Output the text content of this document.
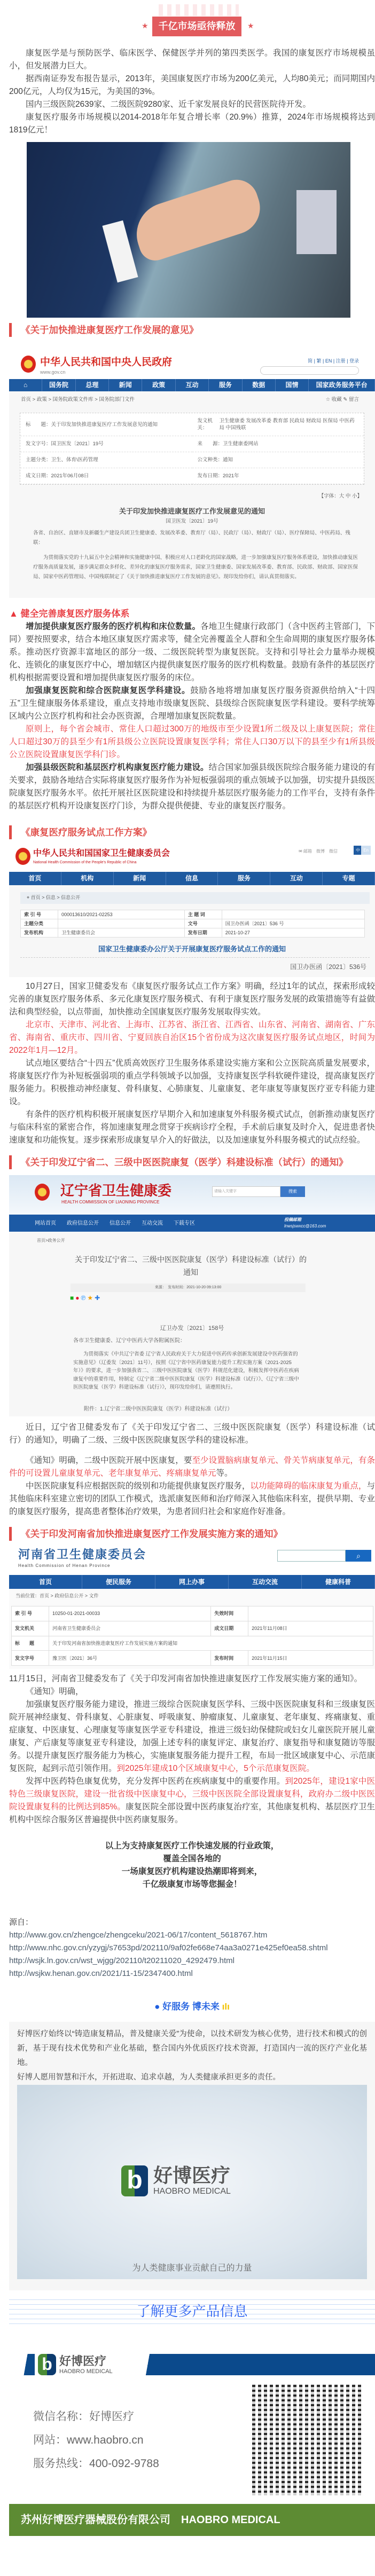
★	千亿市场亟待释放	★

康复医学是与预防医学、临床医学、保健医学并列的第四类医学。我国的康复医疗市场规模虽小，但发展潜力巨大。

据西南证券发布报告显示，2013年，美国康复医疗市场为200亿美元，人均80美元；而同期国内200亿元，人均仅为15元，为美国的3%。

国内三级医院2639家、二级医院9280家、近千家发展良好的民营医院待开发。

康复医疗服务市场规模以2014-2018年年复合增长率（20.9%）推算，2024年市场规模将达到1819亿元！

《关于加快推进康复医疗工作发展的意见》
中华人民共和国中央人民政府
www.gov.cn
简 | 繁 | EN | 注册 | 登录
⌂	国务院	总理	新闻	政策	互动	服务	数据	国情	国家政务服务平台
首页 > 政策 > 国务院政策文件库 > 国务院部门文件	☆ 收藏 ✎ 留言
标　　题： 关于印发加快推进康复医疗工作发展意见的通知
发文机关：
卫生健康委 发展改革委 教育部 民政局 财政局 医保局 中医药局 中国残联
发文字号： 国卫医发〔2021〕19号	来　　源： 卫生健康委网站
主题分类： 卫生、体育\医药管理	公文种类： 通知
成文日期： 2021年06月08日	发布日期： 2021年
【字体：大 中 小】
关于印发加快推进康复医疗工作发展意见的通知
国卫医发〔2021〕19号
各省、自治区、直辖市及新疆生产建设兵团卫生健康委、发展改革委、教育厅（局）、民政厅（局）、财政厅（局）、医疗保障局、中医药局、残联：
为贯彻落实党的十九届五中全会精神和实施健康中国、积极应对人口老龄化的国家战略，进一步加强康复医疗服务体系建设，加快推动康复医疗服务高质量发展，逐步满足群众多样化、差异化的康复医疗服务需求，国家卫生健康委、国家发展改革委、教育部、民政部、财政部、国家医保局、国家中医药管理局、中国残联制定了《关于加快推进康复医疗工作发展的意见》。现印发给你们，请认真贯彻落实。
▲ 健全完善康复医疗服务体系

增加提供康复医疗服务的医疗机构和床位数量。各地卫生健康行政部门（含中医药主管部门，下同）要按照要求，结合本地区康复医疗需求等，健全完善覆盖全人群和全生命周期的康复医疗服务体系。推动医疗资源丰富地区的部分一级、二级医院转型为康复医院。支持和引导社会力量举办规模化、连锁化的康复医疗中心，增加辖区内提供康复医疗服务的医疗机构数量。鼓励有条件的基层医疗机构根据需要设置和增加提供康复医疗服务的床位。

加强康复医院和综合医院康复医学科建设。鼓励各地将增加康复医疗服务资源供给纳入“十四五”卫生健康服务体系建设，重点支持地市级康复医院、县级综合医院康复医学科建设。要科学统筹区域内公立医疗机构和社会办医资源，合理增加康复医院数量。

原则上，每个省会城市、常住人口超过300万的地级市至少设置1所二级及以上康复医院；常住人口超过30万的县至少有1所县级公立医院设置康复医学科；常住人口30万以下的县至少有1所县级公立医院设置康复医学科门诊。

加强县级医院和基层医疗机构康复医疗能力建设。结合国家加强县级医院综合服务能力建设的有关要求，鼓励各地结合实际将康复医疗服务作为补短板强弱项的重点领域予以加强，切实提升县级医院康复医疗服务水平。依托开展社区医院建设和持续提升基层医疗服务能力的工作平台，支持有条件的基层医疗机构开设康复医疗门诊，为群众提供便捷、专业的康复医疗服务。

《康复医疗服务试点工作方案》
中华人民共和国国家卫生健康委员会
National Health Commission of the People's Republic of China
✉ 邮箱　微博　微信	中 En
首页	机构	新闻	信息	服务	互动	专题
⌖ 首页 > 信息 > 信息公开
索 引 号	000013610/2021-02253	主 题 词	
主题分类		文号	国卫办医函〔2021〕536 号
发布机构	卫生健康委员会	发布日期	2021-10-27
国家卫生健康委办公厅关于开展康复医疗服务试点工作的通知
国卫办医函〔2021〕536号

10月27日，国家卫健委发布《康复医疗服务试点工作方案》明确，经过1年的试点，探索形成较完善的康复医疗服务体系、多元化康复医疗服务模式、有利于康复医疗服务发展的政策措施等有益做法和典型经验，以点带面，加快推动全国康复医疗服务发展取得实效。

北京市、天津市、河北省、上海市、江苏省、浙江省、江西省、山东省、河南省、湖南省、广东省、海南省、重庆市、四川省、宁夏回族自治区15个省份成为这次康复医疗服务试点地区，时间为2022年1月—12月。

试点地区要结合“十四五”优质高效医疗卫生服务体系建设实施方案和公立医院高质量发展要求，将康复医疗作为补短板强弱项的重点学科领域予以加强，支持康复医学科软硬件建设，提高康复医疗服务能力。积极推动神经康复、骨科康复、心肺康复、儿童康复、老年康复等康复医疗亚专科能力建设。

有条件的医疗机构积极开展康复医疗早期介入和加速康复外科服务模式试点，创新推动康复医疗与临床科室的紧密合作，将加速康复理念贯穿于疾病诊疗全程，手术前后康复及时介入，促进患者快速康复和功能恢复。逐步探索形成康复早介入的好做法，以及加速康复外科服务模式的试点经验。

《关于印发辽宁省二、三级中医医院康复（医学）科建设标准（试行）的通知》
辽宁省卫生健康委
HEALTH COMMISSION OF LIAONING PROVINCE
请输入关键字	搜索
网站首页 政府信息公开 信息公开 互动交流 下载专区
投稿邮箱
lnwsjswxcc@163.com
首页>政务公开
关于印发辽宁省二、三级中医医院康复（医学）科建设标准（试行）的通知
来源：　发布时间：2021-10-20 09:13:00
■●℗★✚
辽卫办发〔2021〕158号
各市卫生健康委、辽宁中医药大学各附属医院：
为贯彻落实《中共辽宁省委 辽宁省人民政府关于大力促进中医药传承创新发展建设中医药强省的实施意见》（辽委发〔2021〕11号），按照《辽宁省中医药康复能力提升工程实施方案（2021-2025年）》的要求，进一步加强我省二、三级中医医院康复（医学）科规范化建设，积极发挥中医药在疾病康复中的重要作用，特制定《辽宁省二级中医医院康复（医学）科建设标准（试行）》、《辽宁省三级中医医院康复（医学）科建设标准（试行）》，现印发给你们，请遵照执行。
附件：1.辽宁省二级中医医院康复（医学）科建设标准（试行）

近日，辽宁省卫健委发布了《关于印发辽宁省二、三级中医医院康复（医学）科建设标准（试行）的通知》，明确了二级、三级中医医院康复医学科的建设标准。

《通知》明确，二级中医院开展中医康复，要至少设置脑病康复单元、骨关节病康复单元，有条件的可设置儿童康复单元、老年康复单元、疼痛康复单元等。

中医医院康复科应根据医院的级别和功能提供康复医疗服务，以功能障碍的临床康复为重点，与其他临床科室建立密切的团队工作模式，选派康复医师和治疗师深入其他临床科室，提供早期、专业的康复医疗服务，提高患者整体治疗效果，为患者回归社会和家庭作好准备。

《关于印发河南省加快推进康复医疗工作发展实施方案的通知》
河南省卫生健康委员会
Health Commission of Henan Province
⌕
首页	便民服务	网上办事	互动交流	健康科普
当前位置：首页 > 政府信息公开 > 文件
索 引 号	10250-01-2021-00033	失效时间	
发文机关	河南省卫生健康委员会	成文日期	2021年11月08日
标　　题	关于印发河南省加快推进康复医疗工作发展实施方案的通知		
发文字号	豫卫医〔2021〕36号	发布时间	2021年11月15日

11月15日，河南省卫健委发布了《关于印发河南省加快推进康复医疗工作发展实施方案的通知》。

《通知》明确，

加强康复医疗服务能力建设，推进三级综合医院康复医学科、三级中医医院康复科和三级康复医院开展神经康复、骨科康复、心脏康复、呼吸康复、肿瘤康复、儿童康复、老年康复、疼痛康复、重症康复、中医康复、心理康复等康复医学亚专科建设，推进三级妇幼保健院或妇女儿童医院开展儿童康复、产后康复等康复亚专科建设，加强上述专科的康复评定、康复治疗、康复指导和康复随访等服务。以提升康复医疗服务能力为核心，实施康复服务能力提升工程，布局一批区域康复中心、示范康复医院，起到示范引领作用。到2025年建成10个区域康复中心，5个示范康复医院。

发挥中医药特色康复优势，充分发挥中医药在疾病康复中的重要作用。到2025年，建设1家中医特色三级康复医院，建设一批省级中医康复中心，三级中医医院全部设置康复科，政府办二级中医医院设置康复科的比例达到85%。康复医院全部设置中医药康复治疗室，其他康复机构、基层医疗卫生机构中医综合服务区普遍提供中医药康复服务。

以上为支持康复医疗工作快速发展的行业政策，
覆盖全国各地的
一场康复医疗机构建设热潮即将到来，
千亿级康复市场等您掘金！
源自：
http://www.gov.cn/zhengce/zhengceku/2021-06/17/content_5618767.htm
http://www.nhc.gov.cn/yzygj/s7653pd/202110/9af02fe668e74aa3a0271e425ef0ea58.shtml
http://wsjk.ln.gov.cn/wst_wjgg/202110/t20211020_4292479.html
http://wsjkw.henan.gov.cn/2021/11-15/2347400.html
● 好服务 博未来 ılı

好博医疗始终以“铸造康复精品，普及健康关爱”为使命，以技术研发为核心优势，进行技术和模式的创新，基于现有技术优势和产业化基础，整合国内外优质医疗技术资源，打造国内一流的医疗产业化基地。

好博人愿用智慧和汗水，开拓进取、追求卓越，为人类健康承担更多的责任。

b 好博医疗
HAOBRO MEDICAL
为人类健康事业贡献自己的力量
了解更多产品信息
b 好博医疗
HAOBRO MEDICAL
微信名称：好博医疗
网站：www.haobro.cn
服务热线：400-092-9788
苏州好博医疗器械股份有限公司　HAOBRO MEDICAL
